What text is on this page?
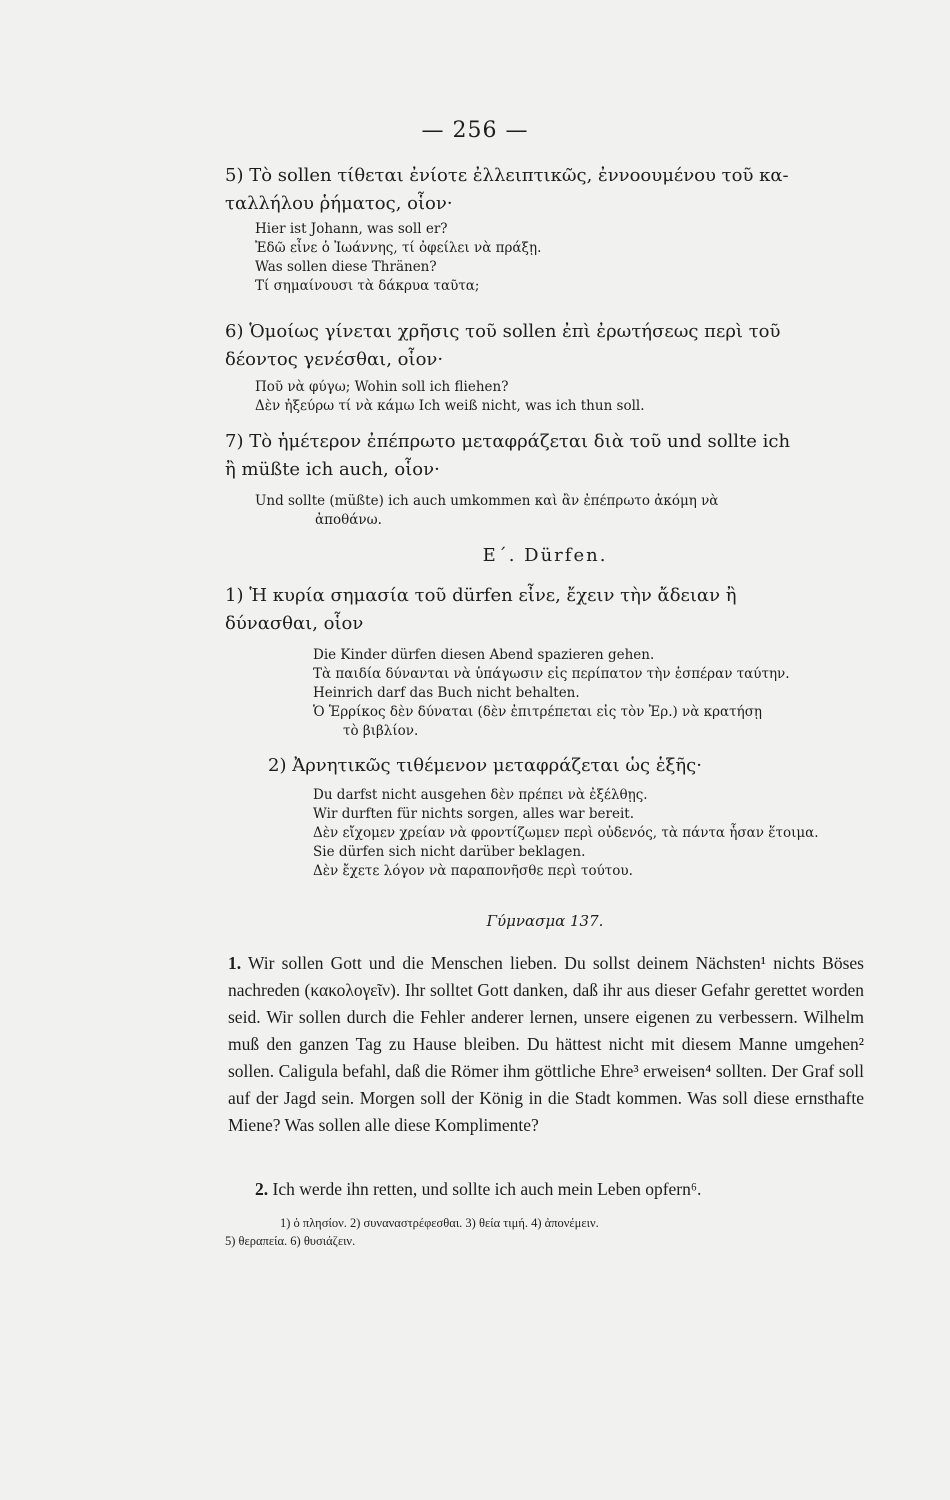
— 256 —
5) Τὸ sollen τίθεται ἐνίοτε ἐλλειπτικῶς, ἐννοουμένου τοῦ κα-
ταλλήλου ῥήματος, οἷον·
Hier ist Johann, was soll er?
Ἐδῶ εἶνε ὁ Ἰωάννης, τί ὀφείλει νὰ πράξῃ.
Was sollen diese Thränen?
Τί σημαίνουσι τὰ δάκρυα ταῦτα;
6) Ὁμοίως γίνεται χρῆσις τοῦ sollen ἐπὶ ἐρωτήσεως περὶ τοῦ
δέοντος γενέσθαι, οἷον·
Ποῦ νὰ φύγω; Wohin soll ich fliehen?
Δὲν ἠξεύρω τί νὰ κάμω Ich weiß nicht, was ich thun soll.
7) Τὸ ἡμέτερον ἐπέπρωτο μεταφράζεται διὰ τοῦ und sollte ich
ἢ müßte ich auch, οἷον·
Und sollte (müßte) ich auch umkommen καὶ ἂν ἐπέπρωτο ἀκόμη νὰ
ἀποθάνω.
Ε΄. Dürfen.
1) Ἡ κυρία σημασία τοῦ dürfen εἶνε, ἔχειν τὴν ἄδειαν ἢ
δύνασθαι, οἷον
Die Kinder dürfen diesen Abend spazieren gehen.
Τὰ παιδία δύνανται νὰ ὑπάγωσιν εἰς περίπατον τὴν ἑσπέραν ταύτην.
Heinrich darf das Buch nicht behalten.
Ὁ Ἑρρίκος δὲν δύναται (δὲν ἐπιτρέπεται εἰς τὸν Ἐρ.) νὰ κρατήσῃ
τὸ βιβλίον.
2) Ἀρνητικῶς τιθέμενον μεταφράζεται ὡς ἑξῆς·
Du darfst nicht ausgehen δὲν πρέπει νὰ ἐξέλθῃς.
Wir durften für nichts sorgen, alles war bereit.
Δὲν εἴχομεν χρείαν νὰ φροντίζωμεν περὶ οὐδενός, τὰ πάντα ἦσαν ἕτοιμα.
Sie dürfen sich nicht darüber beklagen.
Δὲν ἔχετε λόγον νὰ παραπονῆσθε περὶ τούτου.
Γύμνασμα 137.
1. Wir sollen Gott und die Menschen lieben. Du sollst deinem Nächsten¹ nichts Böses nachreden (κακολογεῖν). Ihr solltet Gott danken, daß ihr aus dieser Gefahr gerettet worden seid. Wir sollen durch die Fehler anderer lernen, unsere eigenen zu verbessern. Wilhelm muß den ganzen Tag zu Hause bleiben. Du hättest nicht mit diesem Manne umgehen² sollen. Caligula befahl, daß die Römer ihm göttliche Ehre³ erweisen⁴ sollten. Der Graf soll auf der Jagd sein. Morgen soll der König in die Stadt kommen. Was soll diese ernsthafte Miene? Was sollen alle diese Komplimente?
2. Ich werde ihn retten, und sollte ich auch mein Leben opfern⁶.
1) ὁ πλησίον. 2) συναναστρέφεσθαι. 3) θεία τιμή. 4) ἀπονέμειν.
5) θεραπεία. 6) θυσιάζειν.
